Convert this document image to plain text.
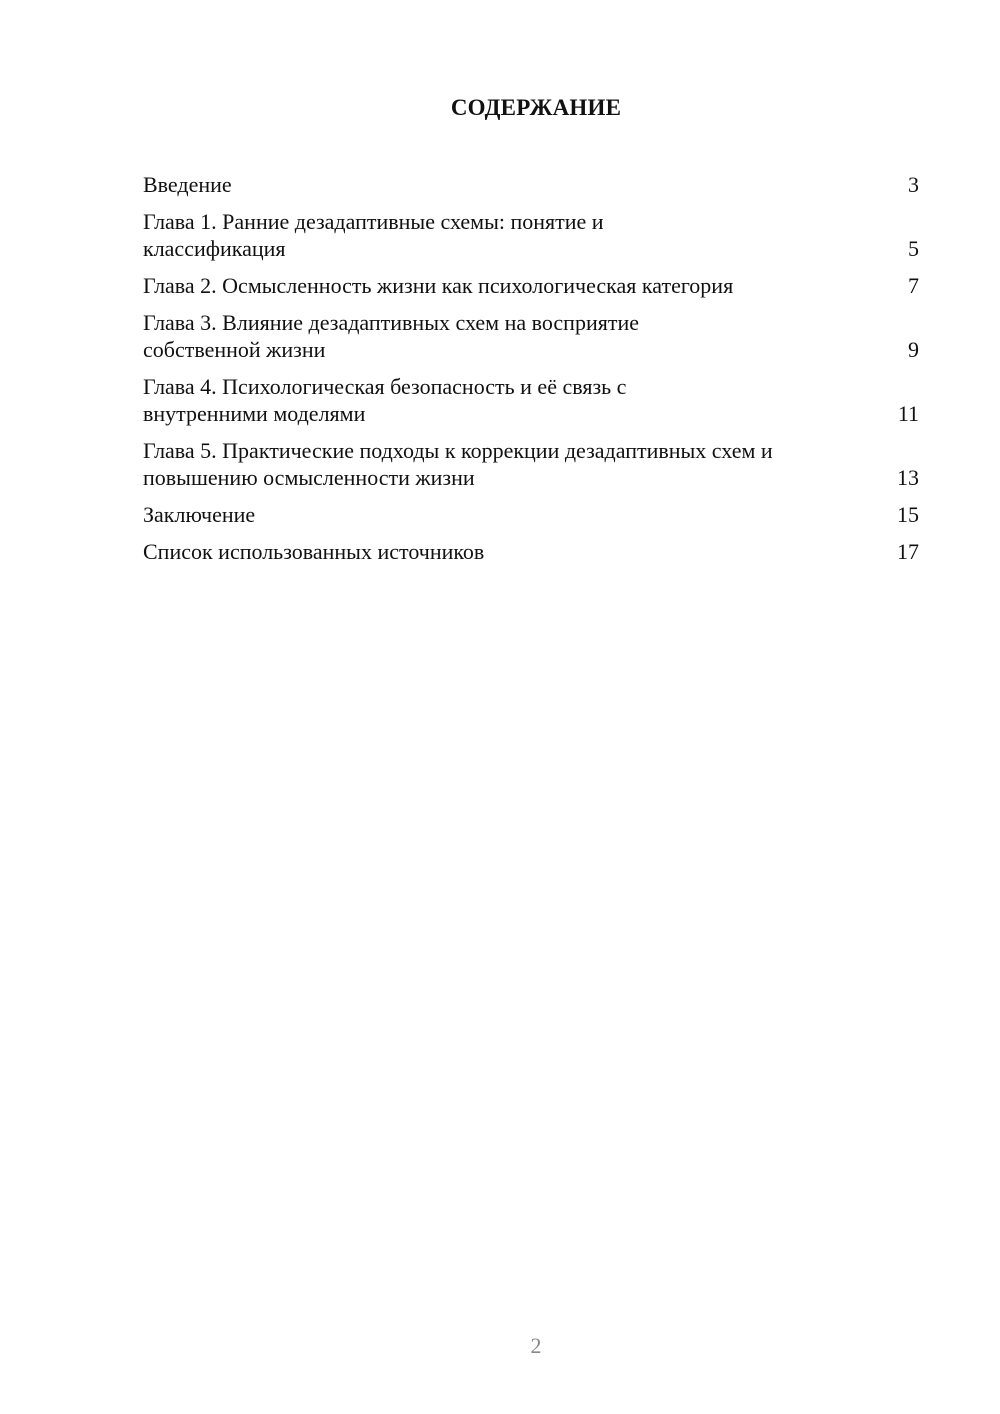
СОДЕРЖАНИЕ
Введение	3
Глава 1. Ранние дезадаптивные схемы: понятие и классификация	5
Глава 2. Осмысленность жизни как психологическая категория	7
Глава 3. Влияние дезадаптивных схем на восприятие собственной жизни	9
Глава 4. Психологическая безопасность и её связь с внутренними моделями	11
Глава 5. Практические подходы к коррекции дезадаптивных схем и повышению осмысленности жизни	13
Заключение	15
Список использованных источников	17
2
